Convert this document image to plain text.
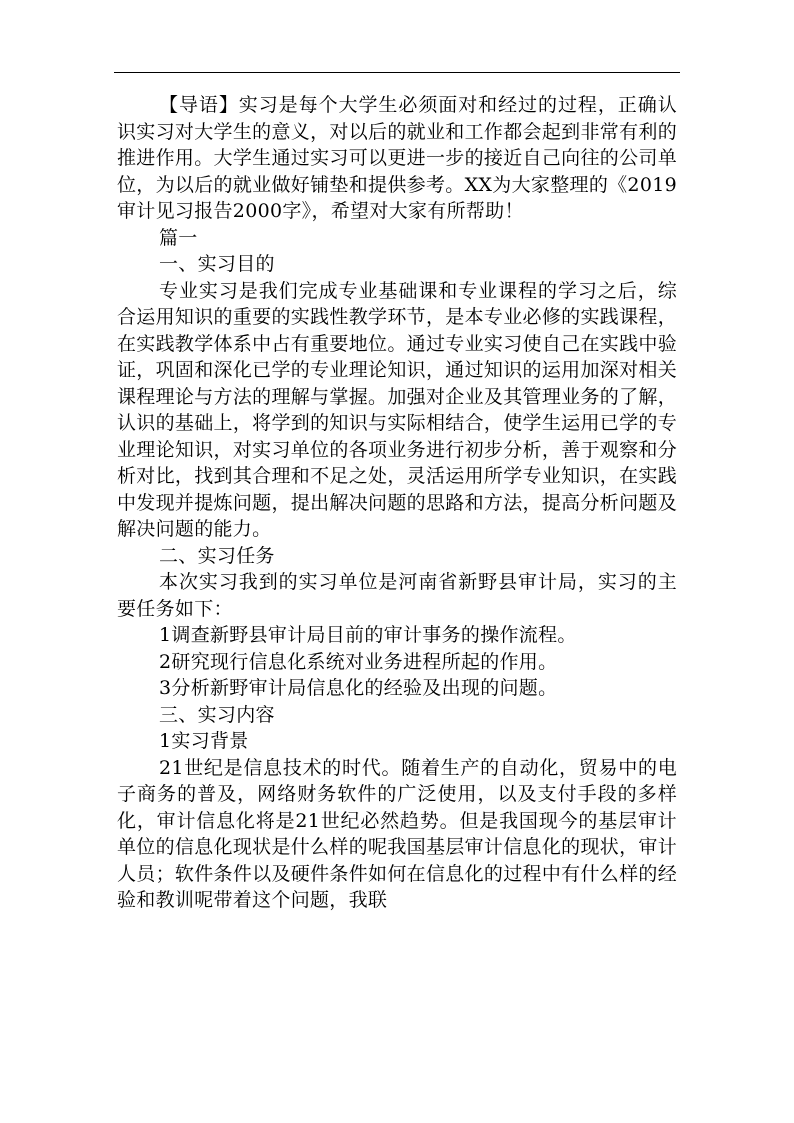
【导语】实习是每个大学生必须面对和经过的过程，正确认识实习对大学生的意义，对以后的就业和工作都会起到非常有利的推进作用。大学生通过实习可以更进一步的接近自己向往的公司单位，为以后的就业做好铺垫和提供参考。XX为大家整理的《2019审计见习报告2000字》，希望对大家有所帮助！

篇一

一、实习目的

专业实习是我们完成专业基础课和专业课程的学习之后，综合运用知识的重要的实践性教学环节，是本专业必修的实践课程，在实践教学体系中占有重要地位。通过专业实习使自己在实践中验证，巩固和深化已学的专业理论知识，通过知识的运用加深对相关课程理论与方法的理解与掌握。加强对企业及其管理业务的了解，认识的基础上，将学到的知识与实际相结合，使学生运用已学的专业理论知识，对实习单位的各项业务进行初步分析，善于观察和分析对比，找到其合理和不足之处，灵活运用所学专业知识，在实践中发现并提炼问题，提出解决问题的思路和方法，提高分析问题及解决问题的能力。

二、实习任务

本次实习我到的实习单位是河南省新野县审计局，实习的主要任务如下：

1调查新野县审计局目前的审计事务的操作流程。

2研究现行信息化系统对业务进程所起的作用。

3分析新野审计局信息化的经验及出现的问题。

三、实习内容

1实习背景

21世纪是信息技术的时代。随着生产的自动化，贸易中的电子商务的普及，网络财务软件的广泛使用，以及支付手段的多样化，审计信息化将是21世纪必然趋势。但是我国现今的基层审计单位的信息化现状是什么样的呢我国基层审计信息化的现状，审计人员；软件条件以及硬件条件如何在信息化的过程中有什么样的经验和教训呢带着这个问题，我联
